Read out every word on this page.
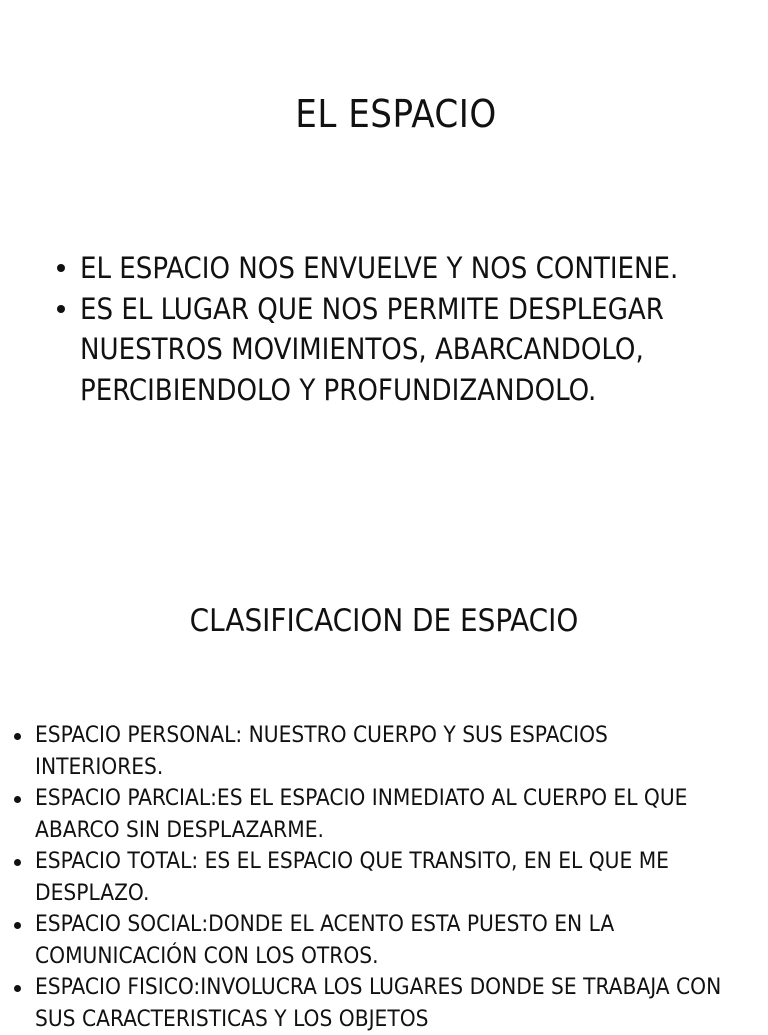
EL ESPACIO
EL ESPACIO NOS ENVUELVE Y NOS CONTIENE.
ES EL LUGAR QUE NOS PERMITE DESPLEGAR NUESTROS MOVIMIENTOS, ABARCANDOLO, PERCIBIENDOLO Y PROFUNDIZANDOLO.
CLASIFICACION DE ESPACIO
ESPACIO PERSONAL: NUESTRO CUERPO Y SUS ESPACIOS INTERIORES.
ESPACIO PARCIAL:ES EL ESPACIO INMEDIATO AL CUERPO EL QUE ABARCO SIN DESPLAZARME.
ESPACIO TOTAL: ES EL ESPACIO QUE TRANSITO, EN EL QUE ME DESPLAZO.
ESPACIO SOCIAL:DONDE EL ACENTO ESTA PUESTO EN LA COMUNICACIÓN CON LOS OTROS.
ESPACIO FISICO:INVOLUCRA LOS LUGARES DONDE SE TRABAJA CON SUS CARACTERISTICAS Y LOS OBJETOS
